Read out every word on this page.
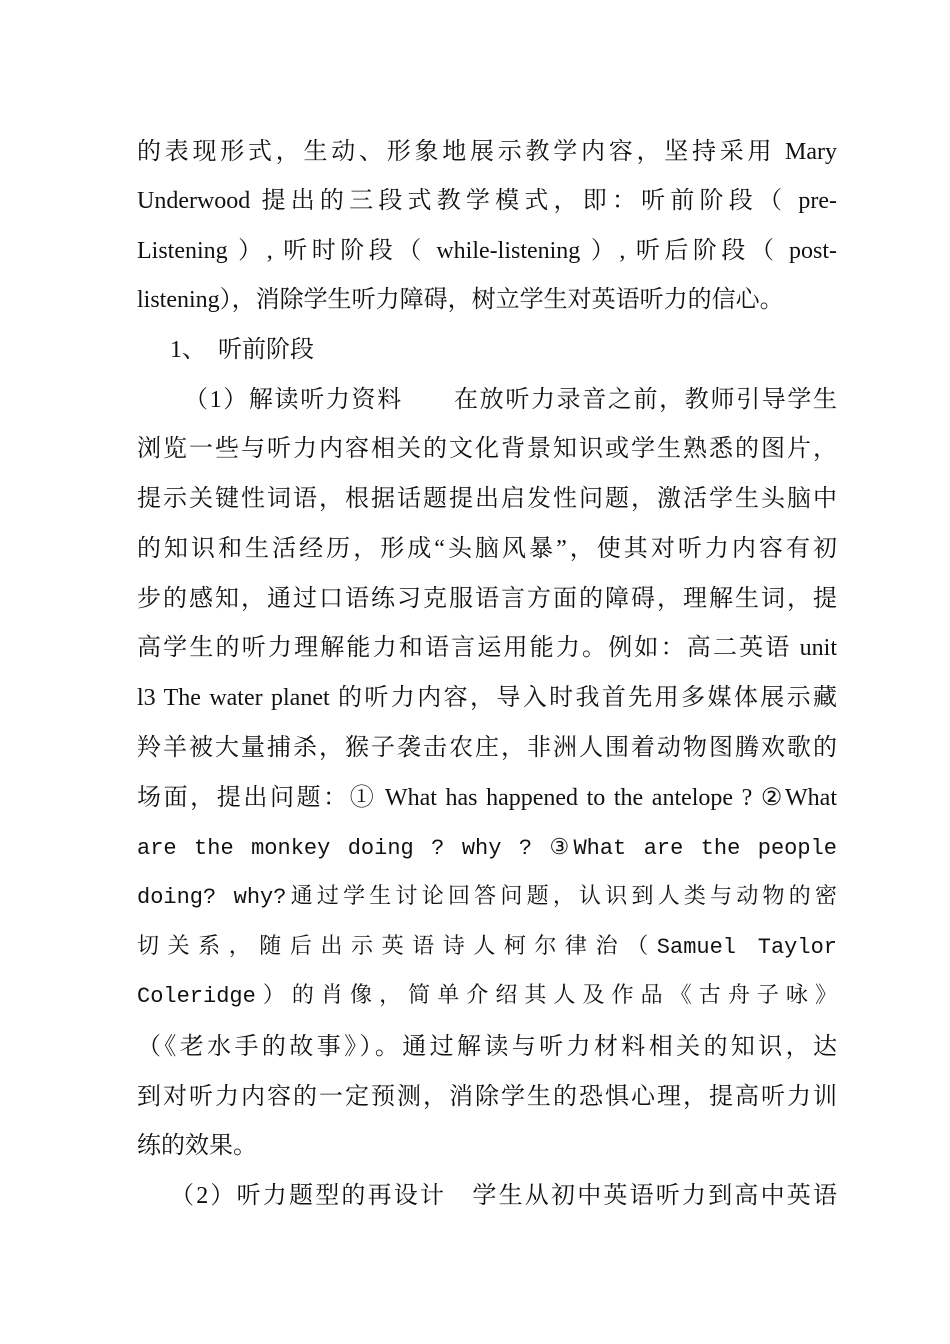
的表现形式，生动、形象地展示教学内容，坚持采用 Mary
Underwood 提出的三段式教学模式，即：听前阶段（ pre-
Listening ）, 听时阶段（ while-listening ）, 听后阶段（ post-
listening），消除学生听力障碍，树立学生对英语听力的信心。
1、　听前阶段
（1）解读听力资料　　在放听力录音之前，教师引导学生
浏览一些与听力内容相关的文化背景知识或学生熟悉的图片，
提示关键性词语，根据话题提出启发性问题，激活学生头脑中
的知识和生活经历，形成“头脑风暴”，使其对听力内容有初
步的感知，通过口语练习克服语言方面的障碍，理解生词，提
高学生的听力理解能力和语言运用能力。例如：高二英语 unit
l3 The water planet 的听力内容，导入时我首先用多媒体展示藏
羚羊被大量捕杀，猴子袭击农庄，非洲人围着动物图腾欢歌的
场面，提出问题：① What has happened to the antelope ? ②What
are the monkey doing ? why ? ③What are the people
doing? why?通过学生讨论回答问题，认识到人类与动物的密
切关系，随后出示英语诗人柯尔律治（Samuel Taylor
Coleridge）的肖像，简单介绍其人及作品《古舟子咏》
（《老水手的故事》）。通过解读与听力材料相关的知识，达
到对听力内容的一定预测，消除学生的恐惧心理，提高听力训
练的效果。
（2）听力题型的再设计　学生从初中英语听力到高中英语
